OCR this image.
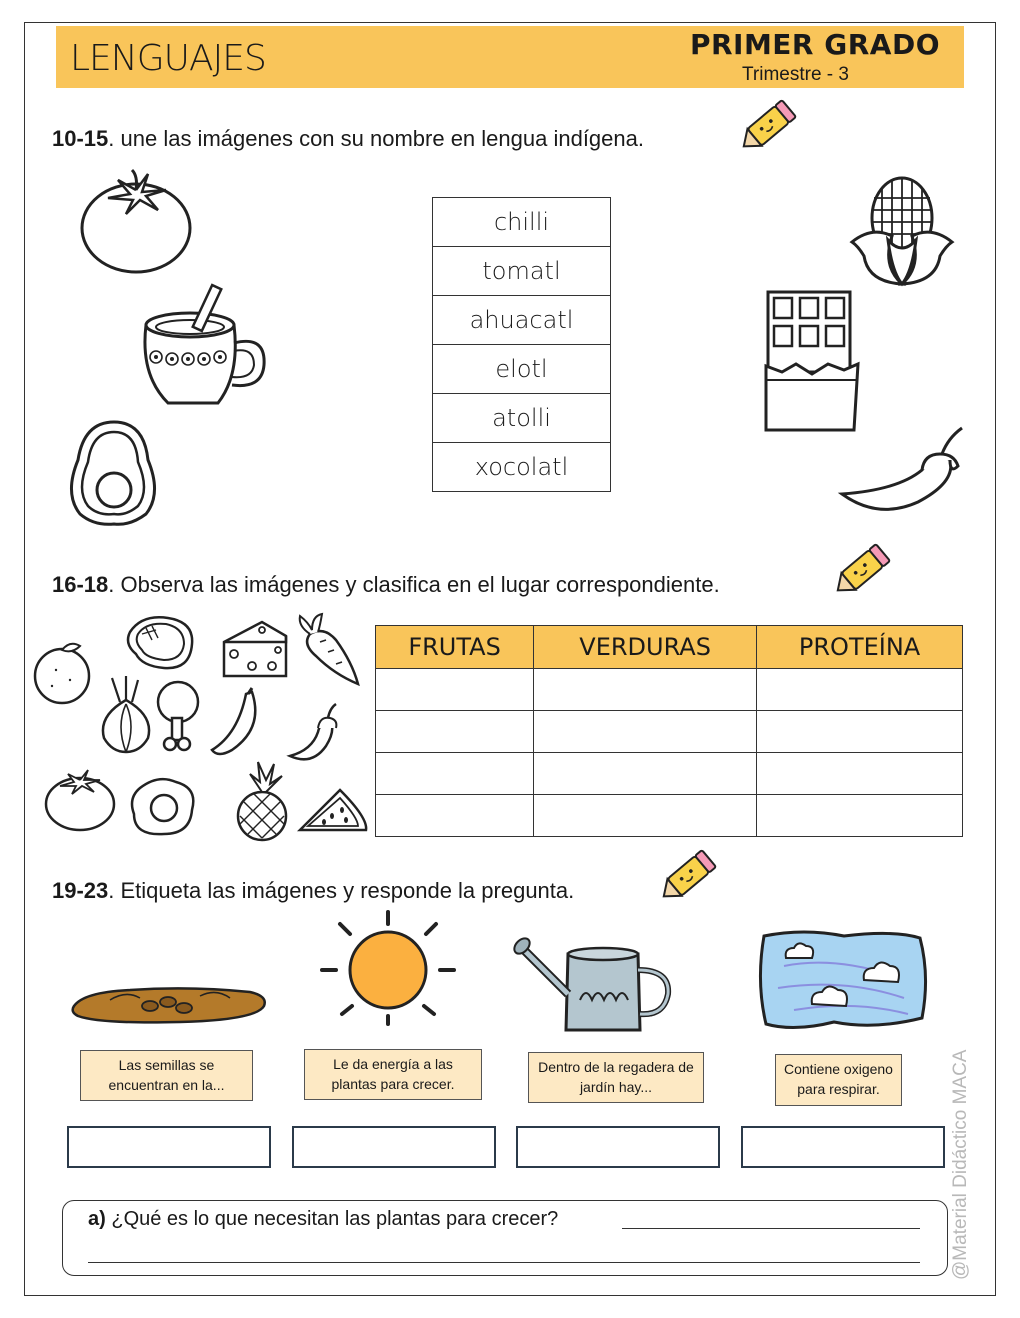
LENGUAJES	PRIMER GRADO
Trimestre - 3
10-15. une las imágenes con su nombre en lengua indígena.
chilli
tomatl
ahuacatl
elotl
atolli
xocolatl
16-18. Observa las imágenes y clasifica en el lugar correspondiente.
FRUTAS	VERDURAS	PROTEÍNA

19-23. Etiqueta las imágenes y responde la pregunta.
Las semillas se encuentran en la...
Le da energía a las plantas para crecer.
Dentro de la regadera de jardín hay...
Contiene oxigeno para respirar.
a) ¿Qué es lo que necesitan las plantas para crecer?	@Material Didáctico MACA
